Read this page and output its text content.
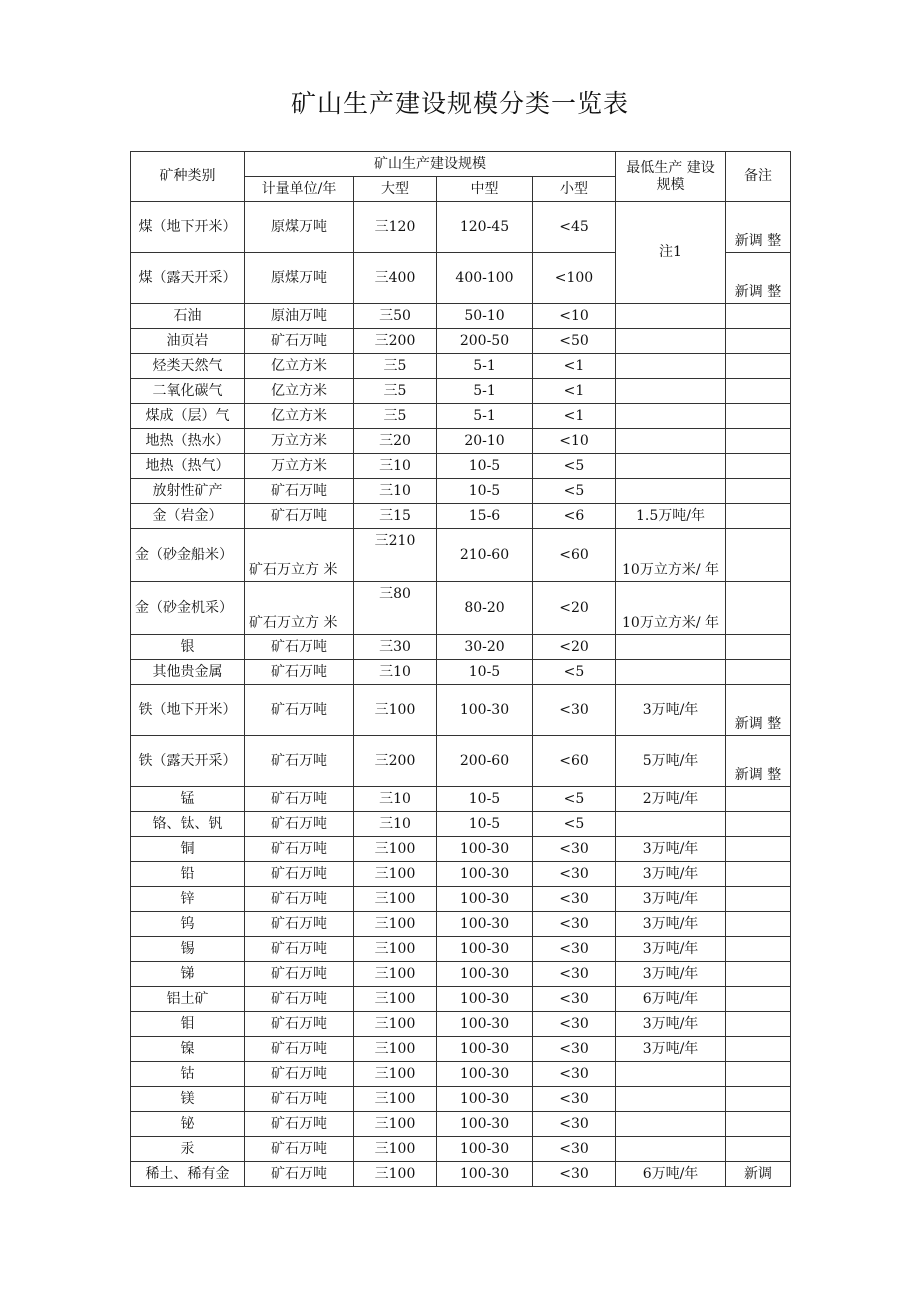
矿山生产建设规模分类一览表
矿种类别	矿山生产建设规模				最低生产 建设规模	备注
	计量单位/年	大型	中型	小型		
煤（地下开米）	原煤万吨	三120	120-45	<45	注1	新调 整
煤（露天开采）	原煤万吨	三400	400-100	<100		新调 整
石油	原油万吨	三50	50-10	<10		
油页岩	矿石万吨	三200	200-50	<50		
烃类天然气	亿立方米	三5	5-1	<1		
二氧化碳气	亿立方米	三5	5-1	<1		
煤成（层）气	亿立方米	三5	5-1	<1		
地热（热水）	万立方米	三20	20-10	<10		
地热（热气）	万立方米	三10	10-5	<5		
放射性矿产	矿石万吨	三10	10-5	<5		
金（岩金）	矿石万吨	三15	15-6	<6	1.5万吨/年	
金（砂金船米）	矿石万立方 米	三210	210-60	<60	10万立方米/ 年	
金（砂金机采）	矿石万立方 米	三80	80-20	<20	10万立方米/ 年	
银	矿石万吨	三30	30-20	<20		
其他贵金属	矿石万吨	三10	10-5	<5		
铁（地下开米）	矿石万吨	三100	100-30	<30	3万吨/年	新调 整
铁（露天开采）	矿石万吨	三200	200-60	<60	5万吨/年	新调 整
锰	矿石万吨	三10	10-5	<5	2万吨/年	
铬、钛、钒	矿石万吨	三10	10-5	<5		
铜	矿石万吨	三100	100-30	<30	3万吨/年	
铅	矿石万吨	三100	100-30	<30	3万吨/年	
锌	矿石万吨	三100	100-30	<30	3万吨/年	
钨	矿石万吨	三100	100-30	<30	3万吨/年	
锡	矿石万吨	三100	100-30	<30	3万吨/年	
锑	矿石万吨	三100	100-30	<30	3万吨/年	
铝土矿	矿石万吨	三100	100-30	<30	6万吨/年	
钼	矿石万吨	三100	100-30	<30	3万吨/年	
镍	矿石万吨	三100	100-30	<30	3万吨/年	
钴	矿石万吨	三100	100-30	<30		
镁	矿石万吨	三100	100-30	<30		
铋	矿石万吨	三100	100-30	<30		
汞	矿石万吨	三100	100-30	<30		
稀土、稀有金	矿石万吨	三100	100-30	<30	6万吨/年	新调
